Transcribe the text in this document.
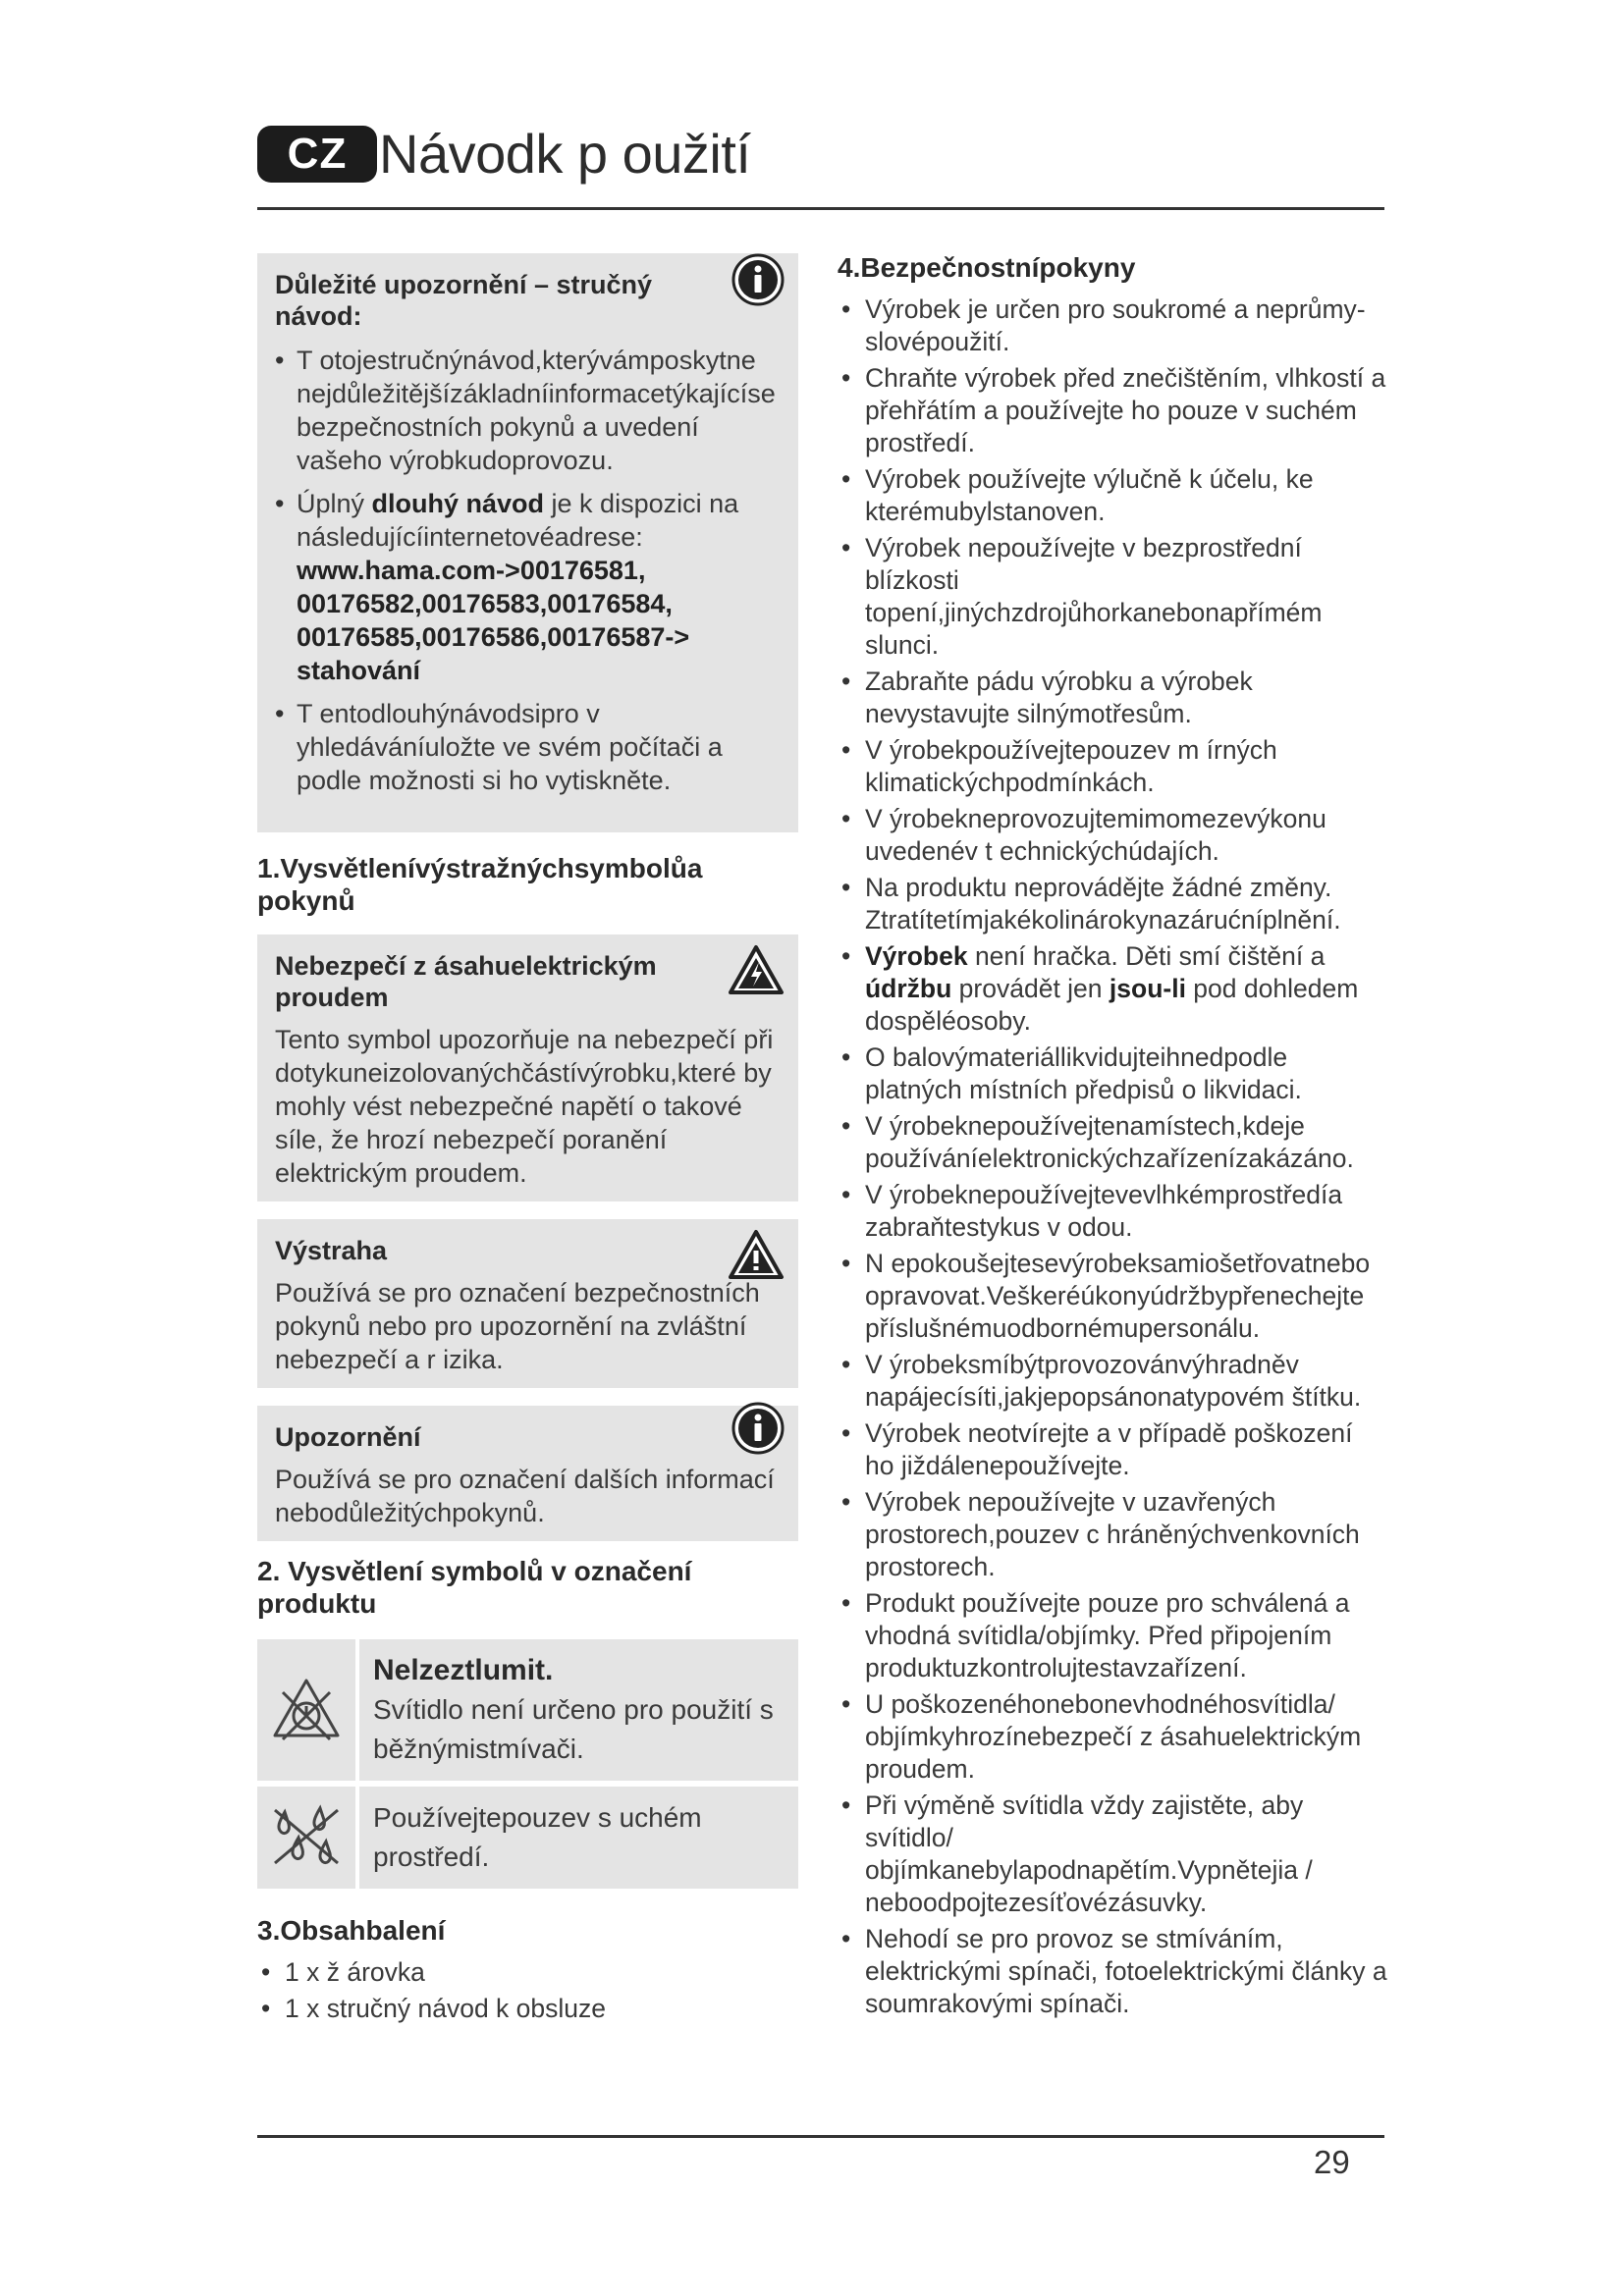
CZ Návodk p oužití
Důležité upozornění – stručný návod:
• T otojestručnýnávod,kterývámposkytne nejdůležitějšízákladníinformacetýkajícíse bezpečnostních pokynů a uvedení vašeho výrobkudoprovozu.
• Úplný dlouhý návod je k dispozici na následujícíinternetovéadrese:
www.hama.com->00176581, 00176582,00176583,00176584, 00176585,00176586,00176587-> stahování
• T entodlouhýnávodsipro v yhledáváníuložte ve svém počítači a podle možnosti si ho vytiskněte.
1.Vysvětlenívýstražnýchsymbolůa pokynů
Nebezpečí z ásahuelektrickým proudem
Tento symbol upozorňuje na nebezpečí při dotykuneizolovanýchčástívýrobku,které by mohly vést nebezpečné napětí o takové síle, že hrozí nebezpečí poranění elektrickým proudem.
Výstraha
Používá se pro označení bezpečnostních pokynů nebo pro upozornění na zvláštní nebezpečí a r izika.
Upozornění
Používá se pro označení dalších informací nebodůležitýchpokynů.
2. Vysvětlení symbolů v označení produktu

Nelzeztlumit.
Svítidlo není určeno pro použití s běžnýmistmívači.

Používejtepouzev s uchém prostředí.
3.Obsahbalení
• 1 x ž árovka
• 1 x stručný návod k obsluze
4.Bezpečnostnípokyny
• Výrobek je určen pro soukromé a neprůmy- slovépoužití.
• Chraňte výrobek před znečištěním, vlhkostí a přehřátím a používejte ho pouze v suchém prostředí.
• Výrobek používejte výlučně k účelu, ke kterémubylstanoven.
• Výrobek nepoužívejte v bezprostřední blízkosti topení,jinýchzdrojůhorkanebonapřímém slunci.
• Zabraňte pádu výrobku a výrobek nevystavujte silnýmotřesům.
• V ýrobekpoužívejtepouzev m írných klimatickýchpodmínkách.
• V ýrobekneprovozujtemimomezevýkonu uvedenév t echnickýchúdajích.
• Na produktu neprovádějte žádné změny. Ztratítetímjakékolinárokynazárućníplnění.
• Výrobek není hračka. Děti smí čištění a údržbu provádět jen jsou-li pod dohledem dospěléosoby.
• O balovýmateriállikvidujteihnedpodle platných místních předpisů o likvidaci.
• V ýrobeknepoužívejtenamístech,kdeje používáníelektronickýchzařízenízakázáno.
• V ýrobeknepoužívejtevevlhkémprostředía zabraňtestykus v odou.
• N epokoušejtesevýrobeksamiošetřovatnebo opravovat.Veškeréúkonyúdržbypřenechejte příslušnémuodbornémupersonálu.
• V ýrobeksmíbýtprovozovánvýhradněv napájecísíti,jakjepopsánonatypovém štítku.
• Výrobek neotvírejte a v případě poškození ho jiždálenepoužívejte.
• Výrobek nepoužívejte v uzavřených prostorech,pouzev c hráněnýchvenkovních prostorech.
• Produkt používejte pouze pro schválená a vhodná svítidla/objímky. Před připojením produktuzkontrolujtestavzařízení.
• U poškozenéhonebonevhodnéhosvítidla/ objímkyhrozínebezpečí z ásahuelektrickým proudem.
• Při výměně svítidla vždy zajistěte, aby svítidlo/ objímkanebylapodnapětím.Vypnětejia / neboodpojtezesíťovézásuvky.
• Nehodí se pro provoz se stmíváním, elektrickými spínači, fotoelektrickými články a soumrakovými spínači.
29
